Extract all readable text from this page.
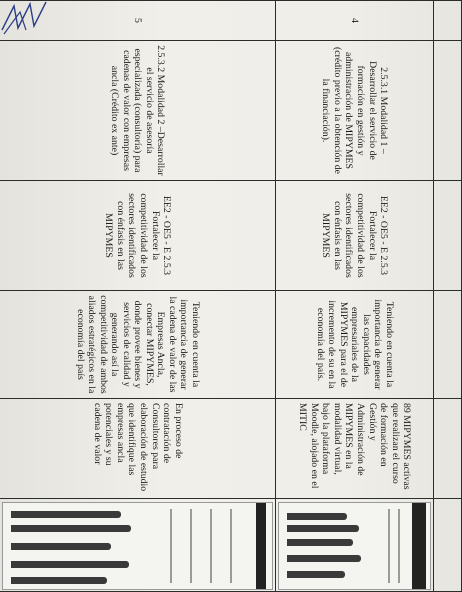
4	2.5.3.1 Modalidad 1 – Desarrollar el servicio de formación en gestión y administración de MIPYMES (crédito previo a la obtención de la financiación).	EE2 - OE5 - E 2.5.3 Fortalecer la competitividad de los sectores identificados con énfasis en las MIPYMES	Teniendo en cuenta la importancia de generar las capacidades empresariales de la MIPYMES para el de incremento de su en la economía del país.	89 MIPYMES activas que realizan el curso de formación en Gestión y Administración de MIPYMES en la modalidad virtual, bajo la plataforma Moodle, alojado en el MITIC	

5	2.5.3.2 Modalidad 2 –Desarrollar el servicio de asesoría especializada (consultoría) para cadenas de valor con empresas ancla (Crédito ex ante)	EE2 - OE5 - E 2.5.3 Fortalecer la competitividad de los sectores identificados con énfasis en las MIPYMES	Teniendo en cuenta la importancia de generar la cadena de valor de las Empresas Ancla, conectar MIPYMES, donde provee bienes y servicios de calidad y generando así la competitividad de ambos aliados estratégicos en la economía del país	En proceso de contratación de Consultores para elaboración de estudio que identifique las empresas ancla potenciales y su cadena de valor	
